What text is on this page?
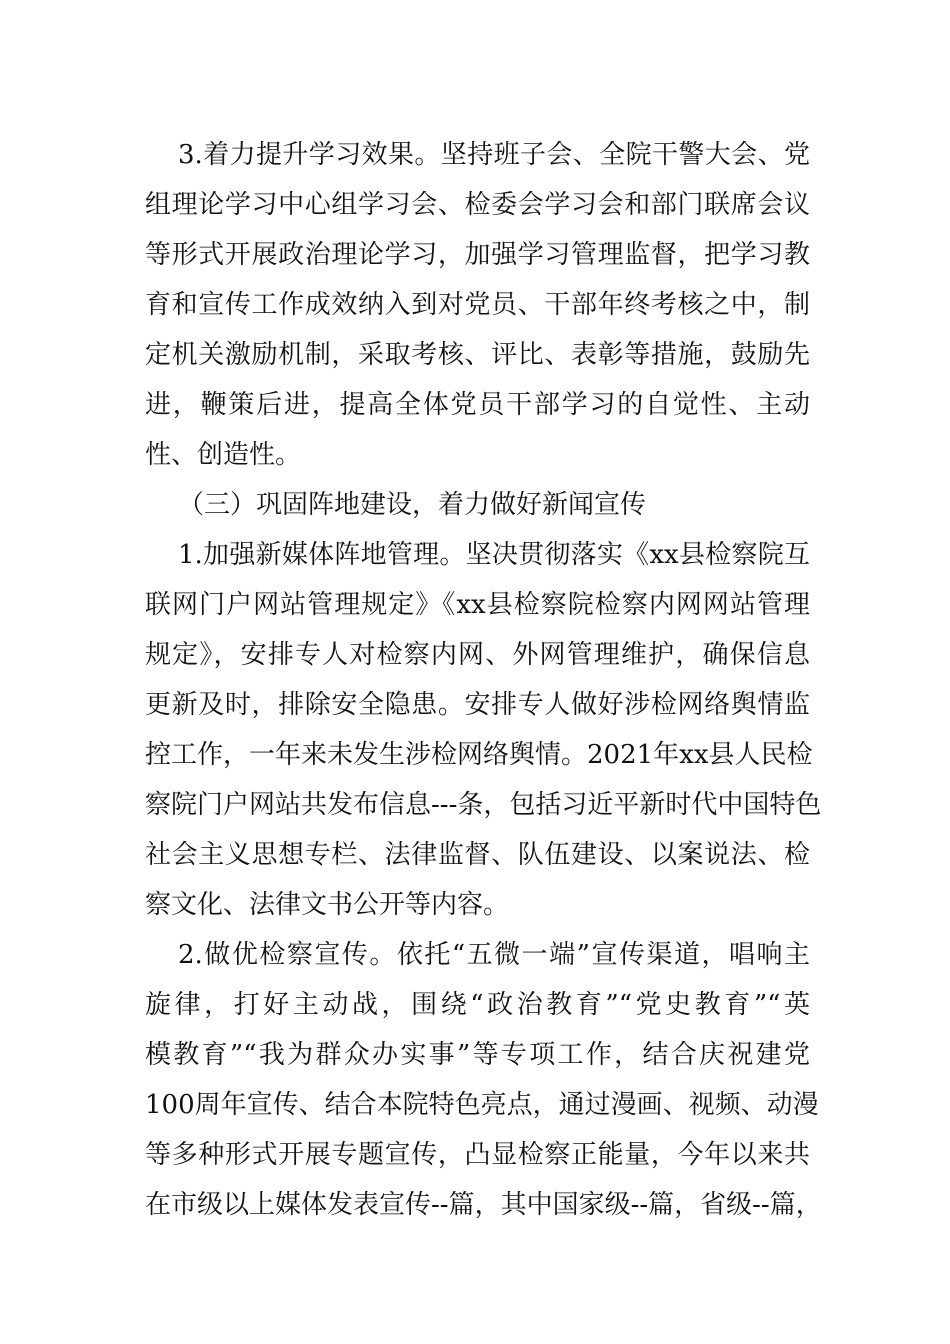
3.着力提升学习效果。坚持班子会、全院干警大会、党
组理论学习中心组学习会、检委会学习会和部门联席会议
等形式开展政治理论学习，加强学习管理监督，把学习教
育和宣传工作成效纳入到对党员、干部年终考核之中，制
定机关激励机制，采取考核、评比、表彰等措施，鼓励先
进，鞭策后进，提高全体党员干部学习的自觉性、主动
性、创造性。
（三）巩固阵地建设，着力做好新闻宣传
1.加强新媒体阵地管理。坚决贯彻落实《xx县检察院互
联网门户网站管理规定》《xx县检察院检察内网网站管理
规定》，安排专人对检察内网、外网管理维护，确保信息
更新及时，排除安全隐患。安排专人做好涉检网络舆情监
控工作，一年来未发生涉检网络舆情。2021年xx县人民检
察院门户网站共发布信息---条，包括习近平新时代中国特色
社会主义思想专栏、法律监督、队伍建设、以案说法、检
察文化、法律文书公开等内容。
2.做优检察宣传。依托“五微一端”宣传渠道，唱响主
旋律，打好主动战，围绕“政治教育”“党史教育”“英
模教育”“我为群众办实事”等专项工作，结合庆祝建党
100周年宣传、结合本院特色亮点，通过漫画、视频、动漫
等多种形式开展专题宣传，凸显检察正能量，今年以来共
在市级以上媒体发表宣传--篇，其中国家级--篇，省级--篇，
